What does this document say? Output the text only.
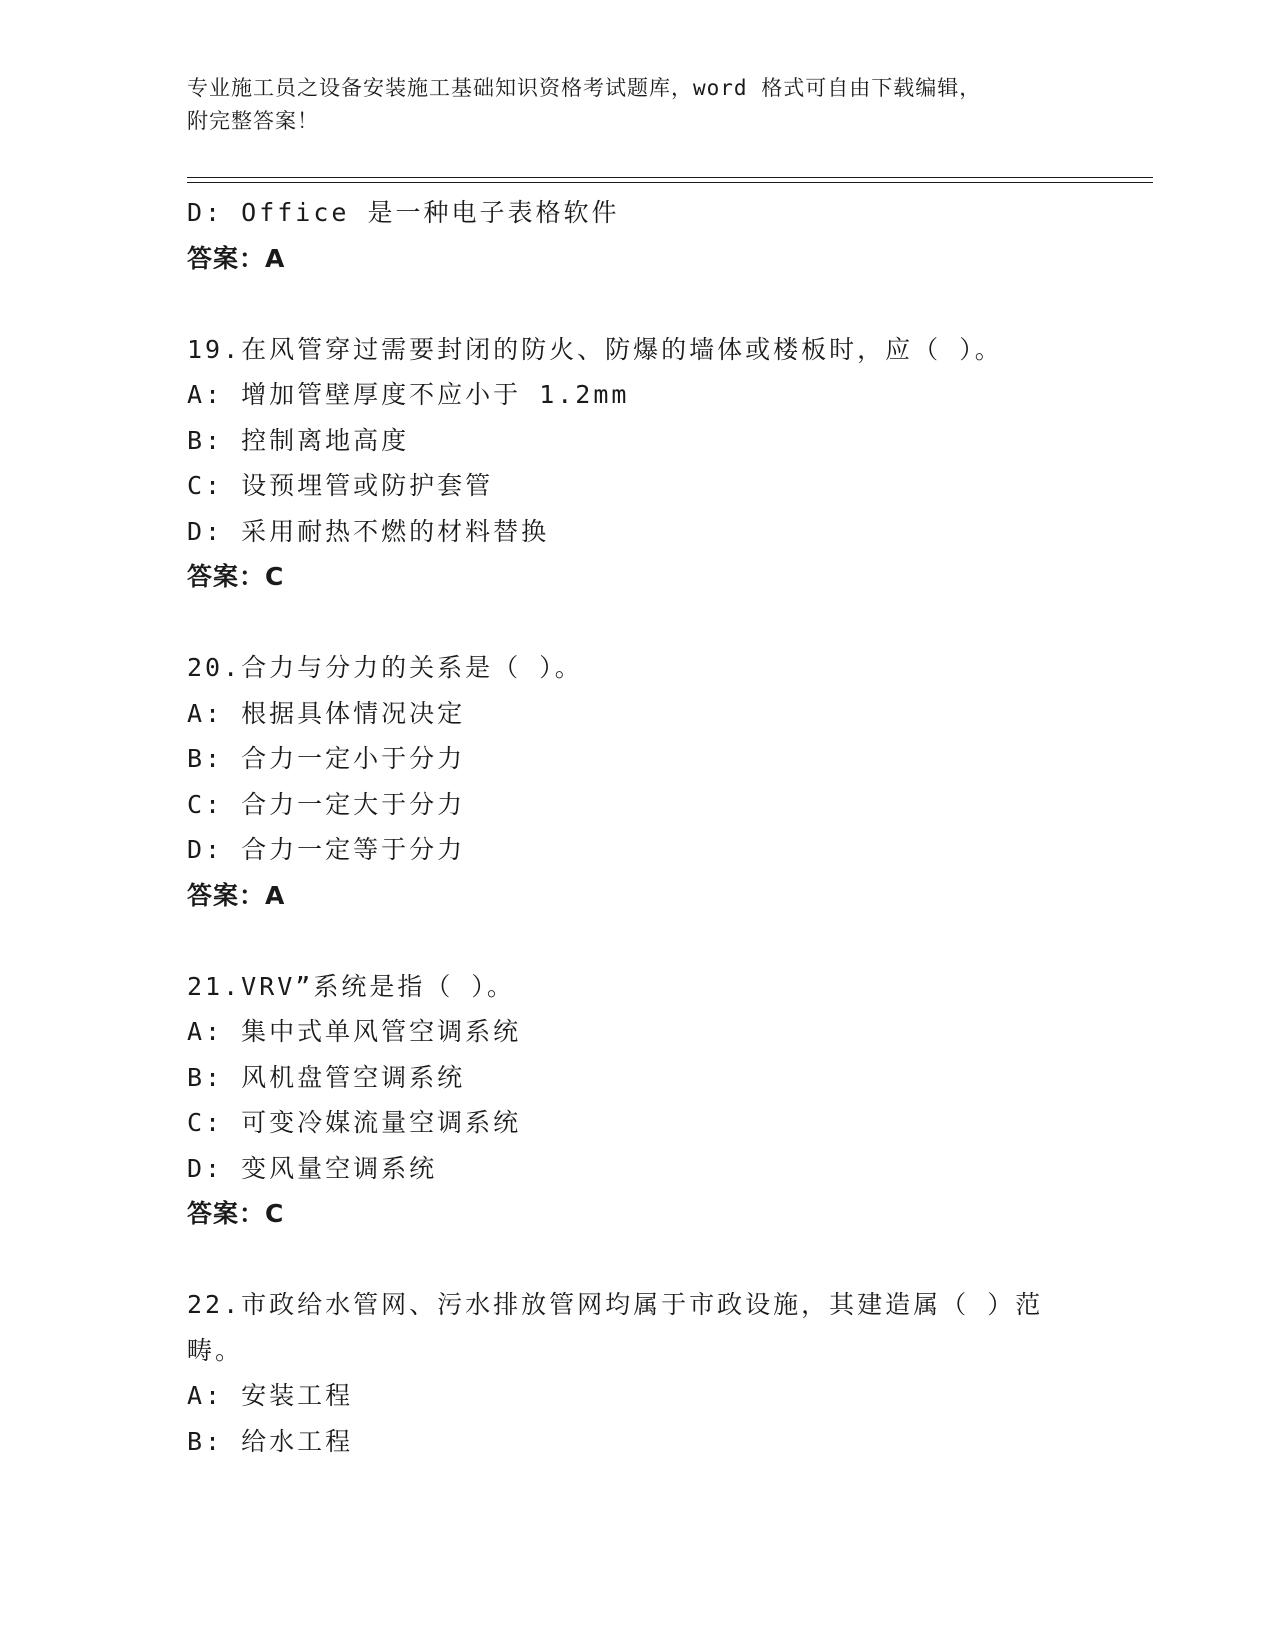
专业施工员之设备安装施工基础知识资格考试题库，word 格式可自由下载编辑，
附完整答案！
D: Office 是一种电子表格软件
答案：A
19.在风管穿过需要封闭的防火、防爆的墙体或楼板时，应（ ）。
A: 增加管壁厚度不应小于 1.2mm
B: 控制离地高度
C: 设预埋管或防护套管
D: 采用耐热不燃的材料替换
答案：C
20.合力与分力的关系是（ ）。
A: 根据具体情况决定
B: 合力一定小于分力
C: 合力一定大于分力
D: 合力一定等于分力
答案：A
21.VRV”系统是指（ ）。
A: 集中式单风管空调系统
B: 风机盘管空调系统
C: 可变冷媒流量空调系统
D: 变风量空调系统
答案：C
22.市政给水管网、污水排放管网均属于市政设施，其建造属（ ）范
畴。
A: 安装工程
B: 给水工程
